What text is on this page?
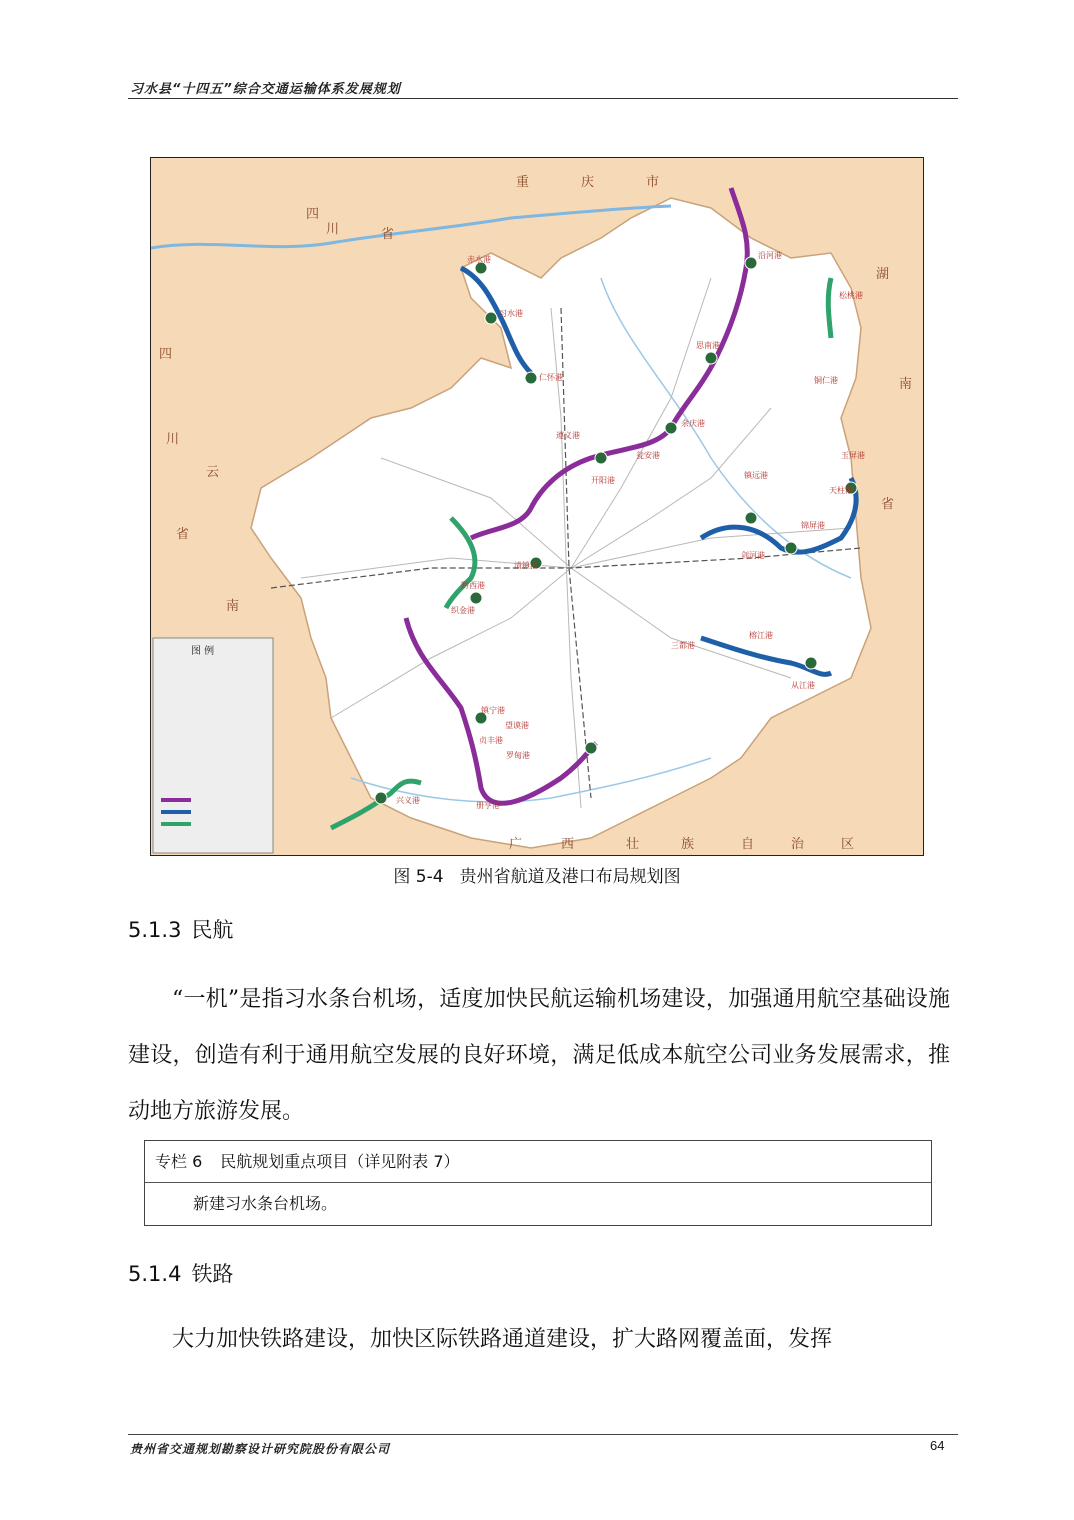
习水县“十四五”综合交通运输体系发展规划
图 例
重	庆	市
四
川	省
四
川
云
南
省
湖
南
省
广	西	壮	族	自	治	区
赤水港
习水港
仁怀港
思南港
沿河港
铜仁港
遵义港
开阳港
瓮安港
清镇港
余庆港
镇远港
剑河港
天柱港
锦屏港
榕江港
从江港
三都港
望谟港
罗甸港
贞丰港
兴义港
册亨港
镇宁港
松桃港
玉屏港
黔西港
织金港
图 5-4 贵州省航道及港口布局规划图
5.1.3 民航

“一机”是指习水条台机场，适度加快民航运输机场建设，加强通用航空基础设施建设，创造有利于通用航空发展的良好环境，满足低成本航空公司业务发展需求，推动地方旅游发展。

专栏 6 民航规划重点项目（详见附表 7）
新建习水条台机场。
5.1.4 铁路

大力加快铁路建设，加快区际铁路通道建设，扩大路网覆盖面，发挥

贵州省交通规划勘察设计研究院股份有限公司	64
